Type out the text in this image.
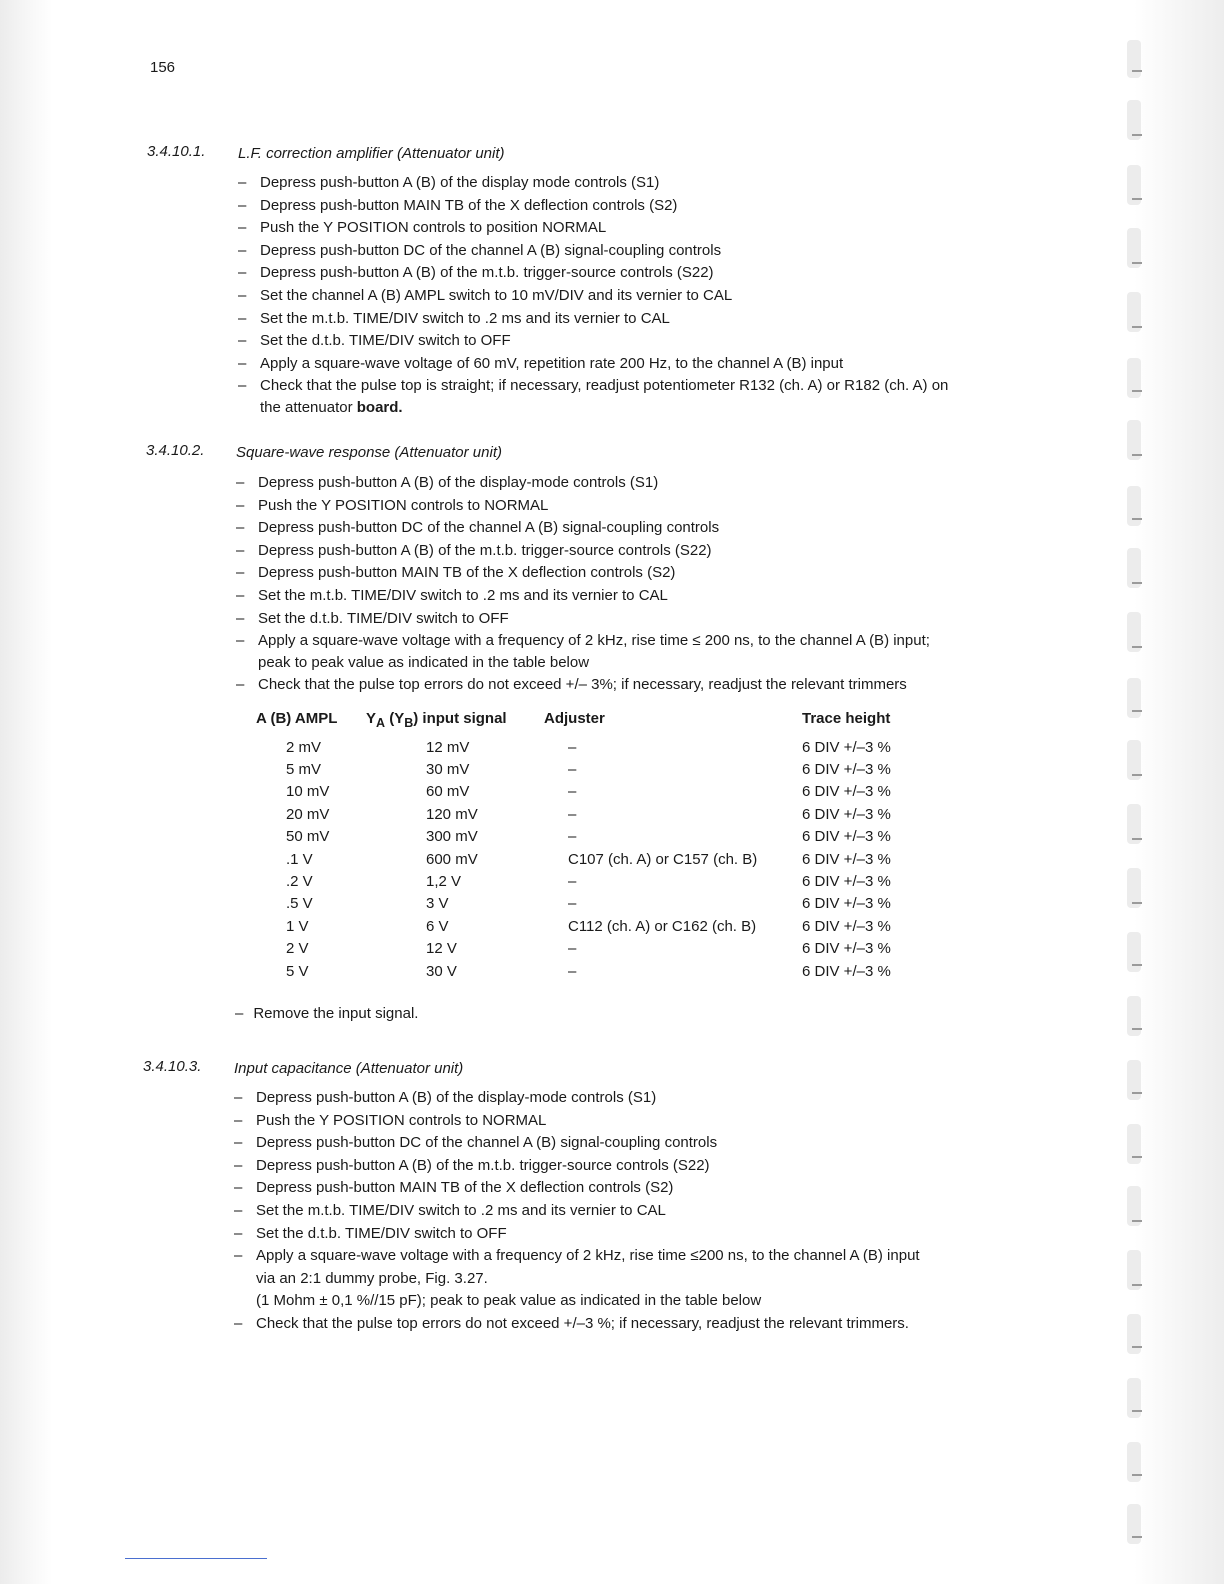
156
3.4.10.1. L.F. correction amplifier (Attenuator unit)
– Depress push-button A (B) of the display mode controls (S1)
– Depress push-button MAIN TB of the X deflection controls (S2)
– Push the Y POSITION controls to position NORMAL
– Depress push-button DC of the channel A (B) signal-coupling controls
– Depress push-button A (B) of the m.t.b. trigger-source controls (S22)
– Set the channel A (B) AMPL switch to 10 mV/DIV and its vernier to CAL
– Set the m.t.b. TIME/DIV switch to .2 ms and its vernier to CAL
– Set the d.t.b. TIME/DIV switch to OFF
– Apply a square-wave voltage of 60 mV, repetition rate 200 Hz, to the channel A (B) input
– Check that the pulse top is straight; if necessary, readjust potentiometer R132 (ch. A) or R182 (ch. A) on
the attenuator board.
3.4.10.2. Square-wave response (Attenuator unit)
– Depress push-button A (B) of the display-mode controls (S1)
– Push the Y POSITION controls to NORMAL
– Depress push-button DC of the channel A (B) signal-coupling controls
– Depress push-button A (B) of the m.t.b. trigger-source controls (S22)
– Depress push-button MAIN TB of the X deflection controls (S2)
– Set the m.t.b. TIME/DIV switch to .2 ms and its vernier to CAL
– Set the d.t.b. TIME/DIV switch to OFF
– Apply a square-wave voltage with a frequency of 2 kHz, rise time ≤ 200 ns, to the channel A (B) input;
peak to peak value as indicated in the table below
– Check that the pulse top errors do not exceed +/– 3%; if necessary, readjust the relevant trimmers
A (B) AMPL	$Y_A$ $(Y_B)$ input signal	Adjuster	Trace height
2 mV	12 mV	–	6 DIV +/–3 %
5 mV	30 mV	–	6 DIV +/–3 %
10 mV	60 mV	–	6 DIV +/–3 %
20 mV	120 mV	–	6 DIV +/–3 %
50 mV	300 mV	–	6 DIV +/–3 %
.1 V	600 mV	C107 (ch. A) or C157 (ch. B)	6 DIV +/–3 %
.2 V	1,2 V	–	6 DIV +/–3 %
.5 V	3 V	–	6 DIV +/–3 %
1 V	6 V	C112 (ch. A) or C162 (ch. B)	6 DIV +/–3 %
2 V	12 V	–	6 DIV +/–3 %
5 V	30 V	–	6 DIV +/–3 %
– Remove the input signal.
3.4.10.3. Input capacitance (Attenuator unit)
– Depress push-button A (B) of the display-mode controls (S1)
– Push the Y POSITION controls to NORMAL
– Depress push-button DC of the channel A (B) signal-coupling controls
– Depress push-button A (B) of the m.t.b. trigger-source controls (S22)
– Depress push-button MAIN TB of the X deflection controls (S2)
– Set the m.t.b. TIME/DIV switch to .2 ms and its vernier to CAL
– Set the d.t.b. TIME/DIV switch to OFF
– Apply a square-wave voltage with a frequency of 2 kHz, rise time ≤200 ns, to the channel A (B) input
via an 2:1 dummy probe, Fig. 3.27.
(1 Mohm ± 0,1 %//15 pF); peak to peak value as indicated in the table below
– Check that the pulse top errors do not exceed +/–3 %; if necessary, readjust the relevant trimmers.
